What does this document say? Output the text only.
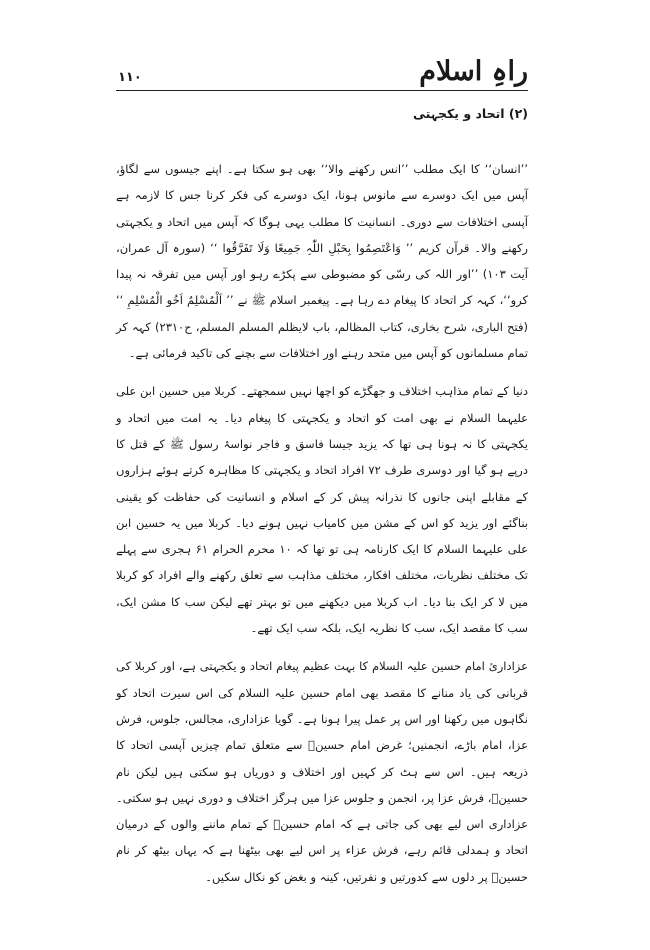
۱۱۰	راہِ اسلام
(۲) اتحاد و یکجہتی

’’انسان‘‘ کا ایک مطلب ’’انس رکھنے والا‘‘ بھی ہو سکتا ہے۔ اپنے جیسوں سے لگاؤ، آپس میں ایک دوسرے سے مانوس ہونا، ایک دوسرے کی فکر کرنا جس کا لازمہ ہے آپسی اختلافات سے دوری۔ انسانیت کا مطلب یہی ہوگا کہ آپس میں اتحاد و یکجہتی رکھنے والا۔ قرآن کریم ’’ وَاعْتَصِمُوا بِحَبْلِ اللّٰہِ جَمِیعًا وَلَا تَفَرَّقُوا ‘‘ (سورہ آل عمران، آیت ۱۰۳) ’’اور اللہ کی رسّی کو مضبوطی سے پکڑے رہو اور آپس میں تفرقہ نہ پیدا کرو‘‘، کہہ کر اتحاد کا پیغام دے رہا ہے۔ پیغمبر اسلام ﷺ نے ’’ اَلْمُسْلِمُ اَخُو الْمُسْلِمِ ‘‘ (فتح الباری، شرح بخاری، کتاب المظالم، باب لایظلم المسلم المسلم، ح۲۳۱۰) کہہ کر تمام مسلمانوں کو آپس میں متحد رہنے اور اختلافات سے بچنے کی تاکید فرمائی ہے۔

دنیا کے تمام مذاہب اختلاف و جھگڑے کو اچھا نہیں سمجھتے۔ کربلا میں حسین ابن علی علیہما السلام نے بھی امت کو اتحاد و یکجہتی کا پیغام دیا۔ یہ امت میں اتحاد و یکجہتی کا نہ ہونا ہی تھا کہ یزید جیسا فاسق و فاجر نواسۂ رسول ﷺ کے قتل کا درپے ہو گیا اور دوسری طرف ۷۲ افراد اتحاد و یکجہتی کا مظاہرہ کرتے ہوئے ہزاروں کے مقابلے اپنی جانوں کا نذرانہ پیش کر کے اسلام و انسانیت کی حفاظت کو یقینی بناگئے اور یزید کو اس کے مشن میں کامیاب نہیں ہونے دیا۔ کربلا میں یہ حسین ابن علی علیہما السلام کا ایک کارنامہ ہی تو تھا کہ ۱۰ محرم الحرام ۶۱ ہجری سے پہلے تک مختلف نظریات، مختلف افکار، مختلف مذاہب سے تعلق رکھنے والے افراد کو کربلا میں لا کر ایک بنا دیا۔ اب کربلا میں دیکھنے میں تو بہتر تھے لیکن سب کا مشن ایک، سب کا مقصد ایک، سب کا نظریہ ایک، بلکہ سب ایک تھے۔

عزاداریٔ امام حسین علیہ السلام کا بہت عظیم پیغام اتحاد و یکجہتی ہے، اور کربلا کی قربانی کی یاد منانے کا مقصد بھی امام حسین علیہ السلام کی اس سیرت اتحاد کو نگاہوں میں رکھنا اور اس پر عمل پیرا ہونا ہے۔ گویا عزاداری، مجالس، جلوس، فرش عزا، امام باڑے، انجمنیں؛ غرض امام حسینؑ سے متعلق تمام چیزیں آپسی اتحاد کا ذریعہ ہیں۔ اس سے ہٹ کر کہیں اور اختلاف و دوریاں ہو سکتی ہیں لیکن نام حسینؑ، فرش عزا پر، انجمن و جلوس عزا میں ہرگز اختلاف و دوری نہیں ہو سکتی۔ عزاداری اس لیے بھی کی جاتی ہے کہ امام حسینؑ کے تمام ماننے والوں کے درمیان اتحاد و ہمدلی قائم رہے، فرش عزاء پر اس لیے بھی بیٹھنا ہے کہ یہاں بیٹھ کر نام حسینؑ پر دلوں سے کدورتیں و نفرتیں، کینہ و بغض کو نکال سکیں۔
